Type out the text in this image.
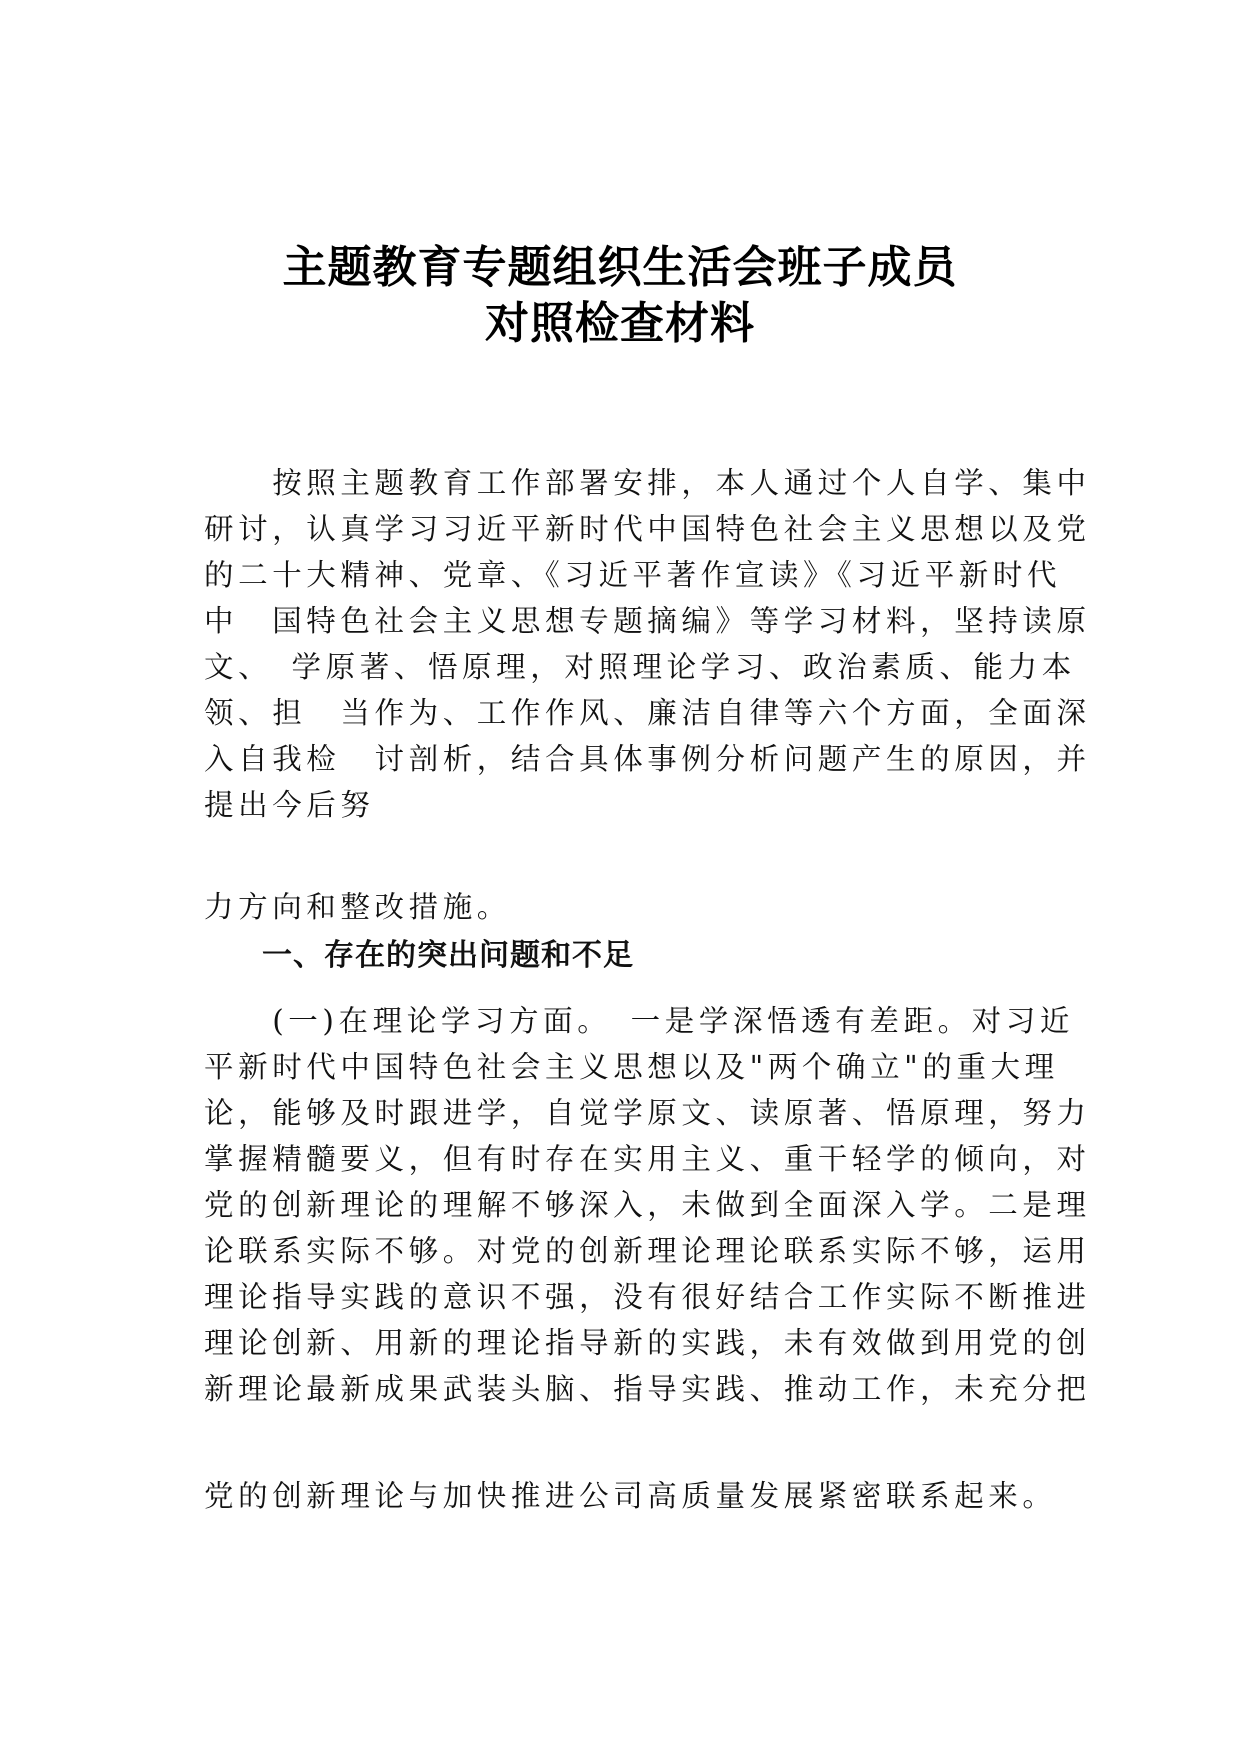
主题教育专题组织生活会班子成员
对照检查材料
　　按照主题教育工作部署安排，本人通过个人自学、集中
研讨，认真学习习近平新时代中国特色社会主义思想以及党
的二十大精神、党章、《习近平著作宣读》《习近平新时代
中　国特色社会主义思想专题摘编》等学习材料，坚持读原
文、　学原著、悟原理，对照理论学习、政治素质、能力本
领、担　当作为、工作作风、廉洁自律等六个方面，全面深
入自我检　讨剖析，结合具体事例分析问题产生的原因，并
提出今后努
力方向和整改措施。
一、存在的突出问题和不足
　　(一)在理论学习方面。　一是学深悟透有差距。对习近
平新时代中国特色社会主义思想以及"两个确立"的重大理
论，能够及时跟进学，自觉学原文、读原著、悟原理，努力
掌握精髓要义，但有时存在实用主义、重干轻学的倾向，对
党的创新理论的理解不够深入，未做到全面深入学。二是理
论联系实际不够。对党的创新理论理论联系实际不够，运用
理论指导实践的意识不强，没有很好结合工作实际不断推进
理论创新、用新的理论指导新的实践，未有效做到用党的创
新理论最新成果武装头脑、指导实践、推动工作，未充分把
党的创新理论与加快推进公司高质量发展紧密联系起来。
